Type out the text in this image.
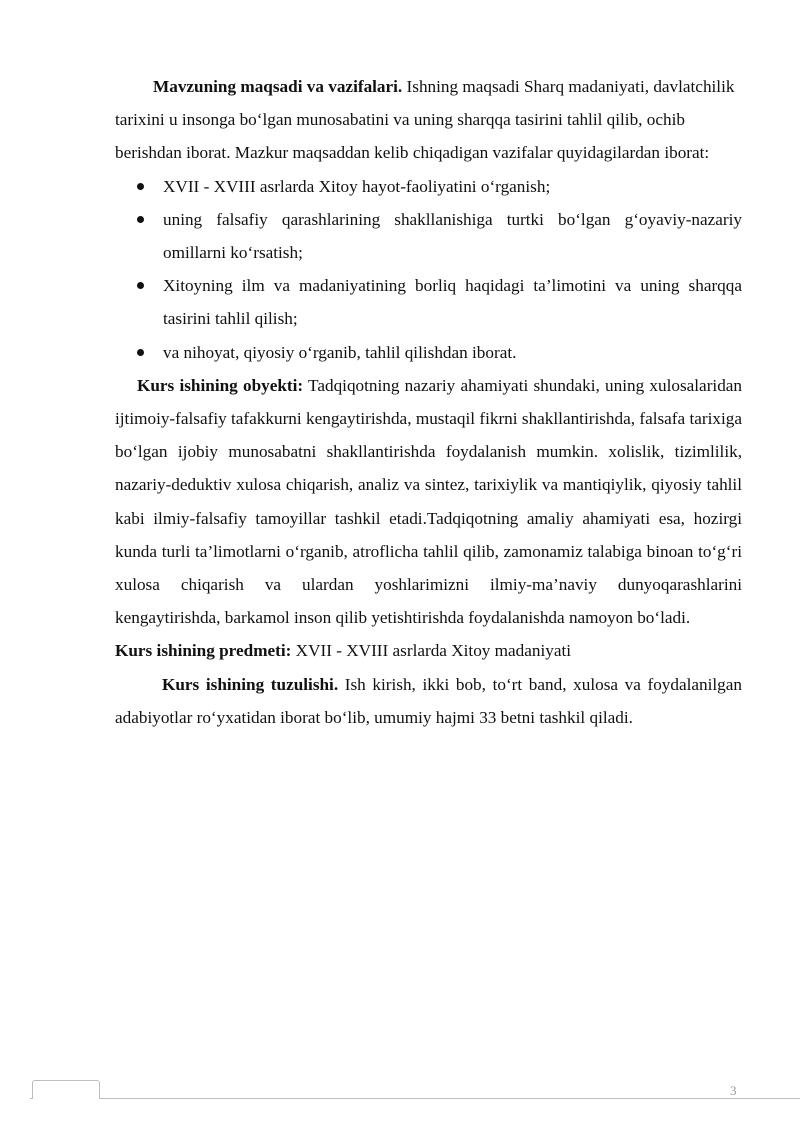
Mavzuning maqsadi va vazifalari. Ishning maqsadi Sharq madaniyati, davlatchilik tarixini u insonga bo‘lgan munosabatini va uning sharqqa tasirini tahlil qilib, ochib berishdan iborat. Mazkur maqsaddan kelib chiqadigan vazifalar quyidagilardan iborat:

XVII - XVIII asrlarda Xitoy hayot-faoliyatini o‘rganish;
uning falsafiy qarashlarining shakllanishiga turtki bo‘lgan g‘oyaviy-nazariy omillarni ko‘rsatish;
Xitoyning ilm va madaniyatining borliq haqidagi ta’limotini va uning sharqqa tasirini tahlil qilish;
va nihoyat, qiyosiy o‘rganib, tahlil qilishdan iborat.

Kurs ishining obyekti: Tadqiqotning nazariy ahamiyati shundaki, uning xulosalaridan ijtimoiy-falsafiy tafakkurni kengaytirishda, mustaqil fikrni shakllantirishda, falsafa tarixiga bo‘lgan ijobiy munosabatni shakllantirishda foydalanish mumkin. xolislik, tizimlilik, nazariy-deduktiv xulosa chiqarish, analiz va sintez, tarixiylik va mantiqiylik, qiyosiy tahlil kabi ilmiy-falsafiy tamoyillar tashkil etadi.Tadqiqotning amaliy ahamiyati esa, hozirgi kunda turli ta’limotlarni o‘rganib, atroflicha tahlil qilib, zamonamiz talabiga binoan to‘g‘ri xulosa chiqarish va ulardan yoshlarimizni ilmiy-ma’naviy dunyoqarashlarini kengaytirishda, barkamol inson qilib yetishtirishda foydalanishda namoyon bo‘ladi.

Kurs ishining predmeti: XVII - XVIII asrlarda Xitoy madaniyati

Kurs ishining tuzulishi. Ish kirish, ikki bob, to‘rt band, xulosa va foydalanilgan adabiyotlar ro‘yxatidan iborat bo‘lib, umumiy hajmi 33 betni tashkil qiladi.

3
